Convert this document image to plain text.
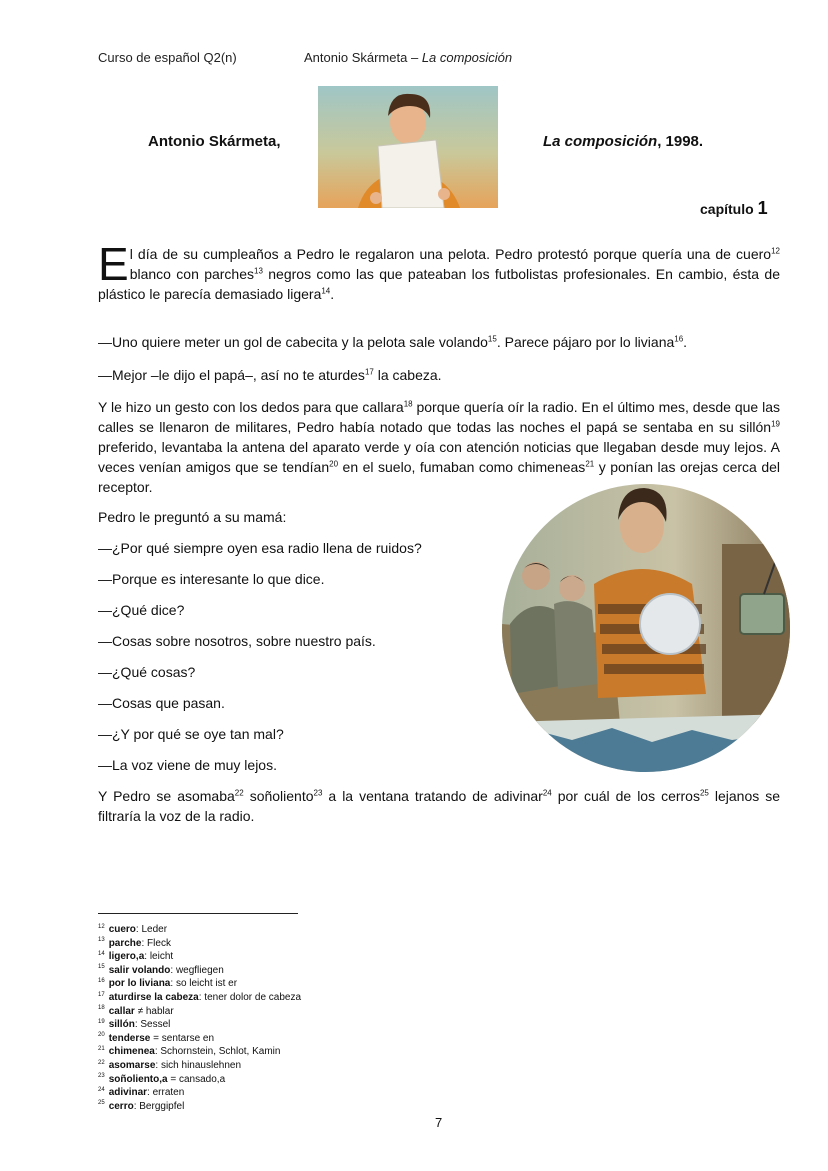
Curso de español Q2(n)	Antonio Skármeta – La composición
Antonio Skármeta,	La composición, 1998.
capítulo 1
El día de su cumpleaños a Pedro le regalaron una pelota. Pedro protestó porque quería una de cuero$^{12}$ blanco con parches$^{13}$ negros como las que pateaban los futbolistas profesionales. En cambio, ésta de plástico le parecía demasiado ligera$^{14}$.
—Uno quiere meter un gol de cabecita y la pelota sale volando$^{15}$. Parece pájaro por lo liviana$^{16}$.
—Mejor –le dijo el papá–, así no te aturdes$^{17}$ la cabeza.
Y le hizo un gesto con los dedos para que callara$^{18}$ porque quería oír la radio. En el último mes, desde que las calles se llenaron de militares, Pedro había notado que todas las noches el papá se sentaba en su sillón$^{19}$ preferido, levantaba la antena del aparato verde y oía con atención noticias que llegaban desde muy lejos. A veces venían amigos que se tendían$^{20}$ en el suelo, fumaban como chimeneas$^{21}$ y ponían las orejas cerca del receptor.
Pedro le preguntó a su mamá:
—¿Por qué siempre oyen esa radio llena de ruidos?
—Porque es interesante lo que dice.
—¿Qué dice?
—Cosas sobre nosotros, sobre nuestro país.
—¿Qué cosas?
—Cosas que pasan.
—¿Y por qué se oye tan mal?
—La voz viene de muy lejos.
Y Pedro se asomaba$^{22}$ soñoliento$^{23}$ a la ventana tratando de adivinar$^{24}$ por cuál de los cerros$^{25}$ lejanos se filtraría la voz de la radio.
$^{12}$ cuero: Leder
$^{13}$ parche: Fleck
$^{14}$ ligero,a: leicht
$^{15}$ salir volando: wegfliegen
$^{16}$ por lo liviana: so leicht ist er
$^{17}$ aturdirse la cabeza: tener dolor de cabeza
$^{18}$ callar ≠ hablar
$^{19}$ sillón: Sessel
$^{20}$ tenderse = sentarse en
$^{21}$ chimenea: Schornstein, Schlot, Kamin
$^{22}$ asomarse: sich hinauslehnen
$^{23}$ soñoliento,a = cansado,a
$^{24}$ adivinar: erraten
$^{25}$ cerro: Berggipfel
7
